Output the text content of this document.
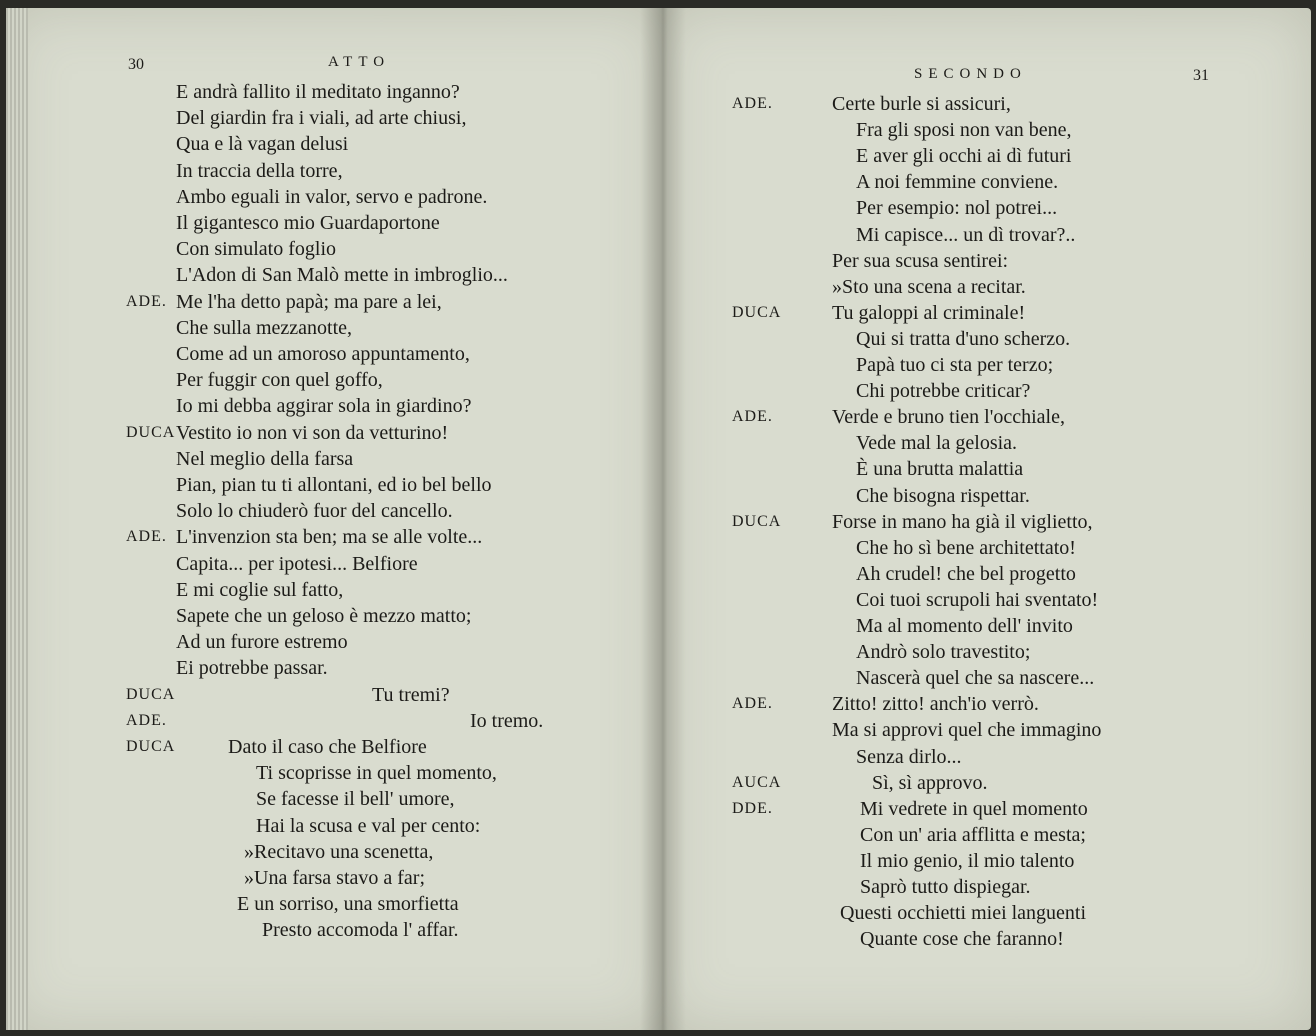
30	ATTO
31
SECONDO
E andrà fallito il meditato inganno?
Del giardin fra i viali, ad arte chiusi,
Qua e là vagan delusi
In traccia della torre,
Ambo eguali in valor, servo e padrone.
Il gigantesco mio Guardaportone
Con simulato foglio
L'Adon di San Malò mette in imbroglio...
ADE. Me l'ha detto papà; ma pare a lei,
Che sulla mezzanotte,
Come ad un amoroso appuntamento,
Per fuggir con quel goffo,
Io mi debba aggirar sola in giardino?
DUCA Vestito io non vi son da vetturino!
Nel meglio della farsa
Pian, pian tu ti allontani, ed io bel bello
Solo lo chiuderò fuor del cancello.
ADE. L'invenzion sta ben; ma se alle volte...
Capita... per ipotesi... Belfiore
E mi coglie sul fatto,
Sapete che un geloso è mezzo matto;
Ad un furore estremo
Ei potrebbe passar.
DUCA	Tu tremi?
ADE.	Io tremo.
DUCA	Dato il caso che Belfiore
Ti scoprisse in quel momento,
Se facesse il bell' umore,
Hai la scusa e val per cento:
»Recitavo una scenetta,
»Una farsa stavo a far;
E un sorriso, una smorfietta
Presto accomoda l' affar.
ADE.	Certe burle si assicuri,
Fra gli sposi non van bene,
E aver gli occhi ai dì futuri
A noi femmine conviene.
Per esempio: nol potrei...
Mi capisce... un dì trovar?..
Per sua scusa sentirei:
»Sto una scena a recitar.
DUCA	Tu galoppi al criminale!
Qui si tratta d'uno scherzo.
Papà tuo ci sta per terzo;
Chi potrebbe criticar?
ADE.	Verde e bruno tien l'occhiale,
Vede mal la gelosia.
È una brutta malattia
Che bisogna rispettar.
DUCA	Forse in mano ha già il viglietto,
Che ho sì bene architettato!
Ah crudel! che bel progetto
Coi tuoi scrupoli hai sventato!
Ma al momento dell' invito
Andrò solo travestito;
Nascerà quel che sa nascere...
ADE.	Zitto! zitto! anch'io verrò.
Ma si approvi quel che immagino
Senza dirlo...
AUCA	Sì, sì approvo.
DDE.	Mi vedrete in quel momento
Con un' aria afflitta e mesta;
Il mio genio, il mio talento
Saprò tutto dispiegar.
Questi occhietti miei languenti
Quante cose che faranno!
